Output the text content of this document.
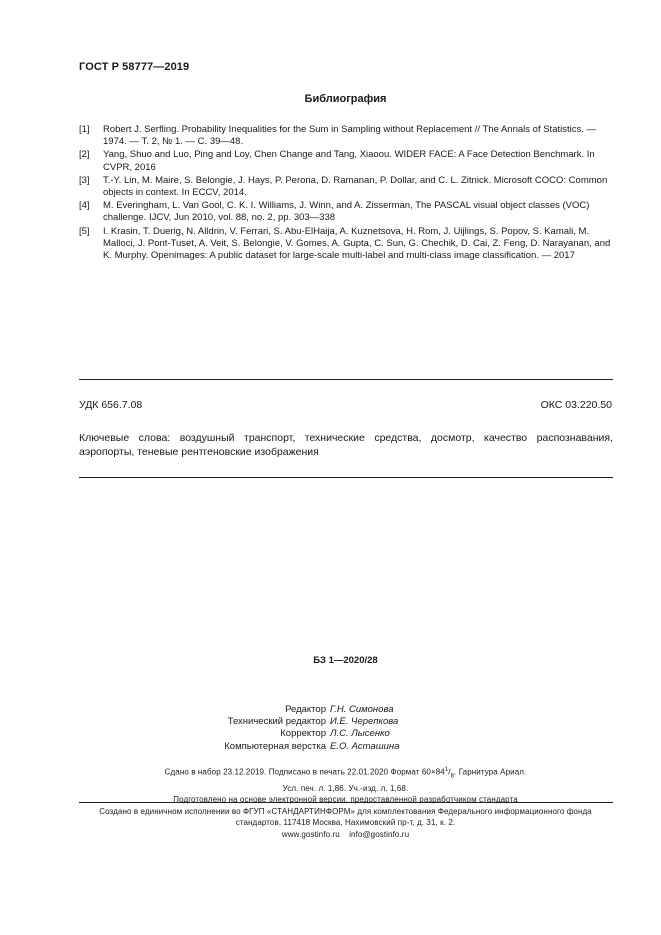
ГОСТ Р 58777—2019
Библиография
[1]	Robert J. Serfling. Probability Inequalities for the Sum in Sampling without Replacement // The Annals of Statistics. — 1974. — Т. 2, № 1. — С. 39—48.
[2]	Yang, Shuo and Luo, Ping and Loy, Chen Change and Tang, Xiaoou. WIDER FACE: A Face Detection Benchmark. In CVPR, 2016
[3]	T.-Y. Lin, M. Maire, S. Belongie, J. Hays, P. Perona, D. Ramanan, P. Dollar, and C. L. Zitnick. Microsoft COCO: Common objects in context. In ECCV, 2014.
[4]	M. Everingham, L. Van Gool, C. K. I. Williams, J. Winn, and A. Zisserman, The PASCAL visual object classes (VOC) challenge. IJCV, Jun 2010, vol. 88, no. 2, pp. 303—338
[5]	I. Krasin, T. Duerig, N. Alldrin, V. Ferrari, S. Abu-ElHaija, A. Kuznetsova, H. Rom, J. Uijlings, S. Popov, S. Kamali, M. Malloci, J. Pont-Tuset, A. Veit, S. Belongie, V. Gomes, A. Gupta, C. Sun, G. Chechik, D. Cai, Z. Feng, D. Narayanan, and K. Murphy. Openimages: A public dataset for large-scale multi-label and multi-class image classification. — 2017
УДК 656.7.08	ОКС 03.220.50
Ключевые слова: воздушный транспорт, технические средства, досмотр, качество распознавания, аэропорты, теневые рентгеновские изображения
БЗ 1—2020/28
Редактор Г.Н. Симонова
Технический редактор И.Е. Черепкова
Корректор Л.С. Лысенко
Компьютерная верстка Е.О. Асташина
Сдано в набор 23.12.2019. Подписано в печать 22.01.2020 Формат $60\times 84^1/_8$. Гарнитура Ариал.
Усл. печ. л. 1,86. Уч.-изд. л. 1,68.
Подготовлено на основе электронной версии, предоставленной разработчиком стандарта
Создано в единичном исполнении во ФГУП «СТАНДАРТИНФОРМ» для комплектования Федерального информационного фонда
стандартов, 117418 Москва, Нахимовский пр-т, д. 31, к. 2.
www.gostinfo.ru info@gostinfo.ru
